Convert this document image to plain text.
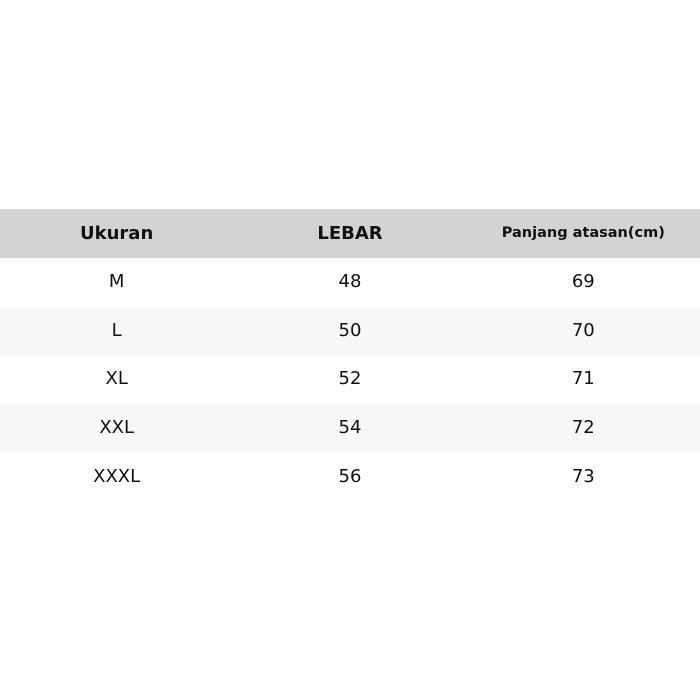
Ukuran	LEBAR	Panjang atasan(cm)
M	48	69
L	50	70
XL	52	71
XXL	54	72
XXXL	56	73
